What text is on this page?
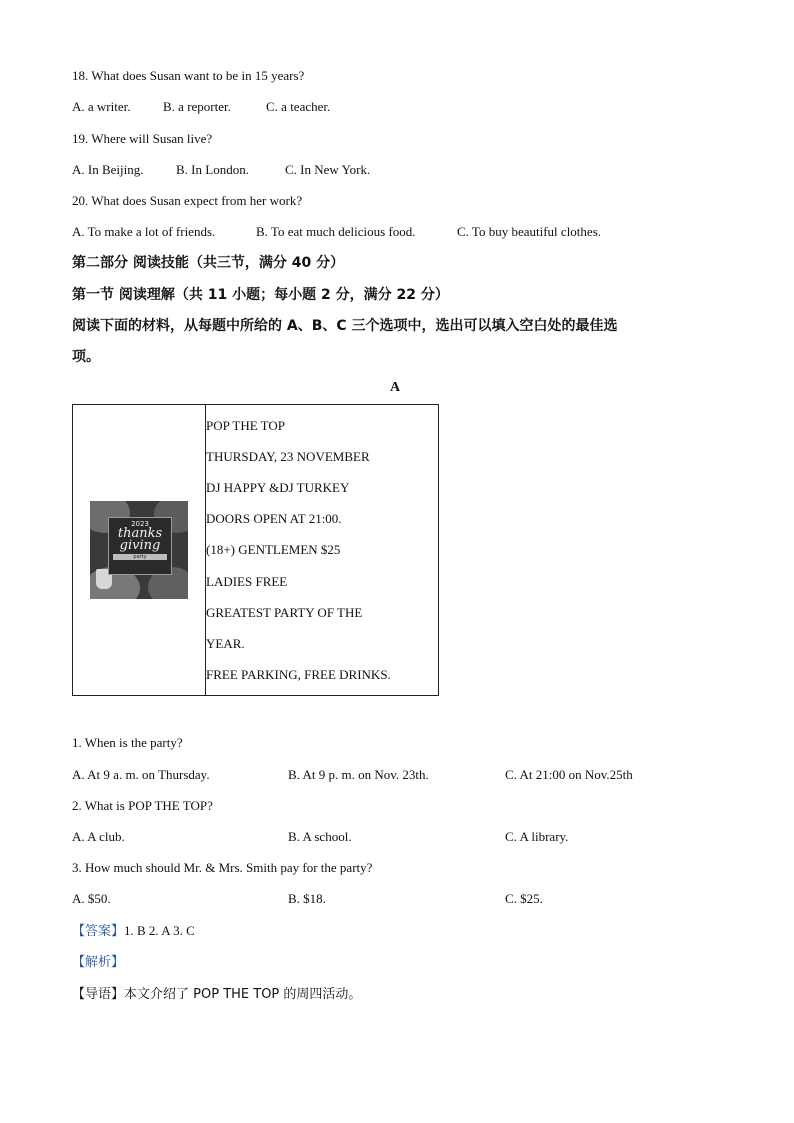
18. What does Susan want to be in 15 years?
A. a writer.	B. a reporter.	C. a teacher.
19. Where will Susan live?
A. In Beijing.	B. In London.	C. In New York.
20. What does Susan expect from her work?
A. To make a lot of friends.	B. To eat much delicious food.	C. To buy beautiful clothes.
第二部分 阅读技能（共三节，满分 40 分）
第一节 阅读理解（共 11 小题；每小题 2 分，满分 22 分）
阅读下面的材料，从每题中所给的 A、B、C 三个选项中，选出可以填入空白处的最佳选
项。
A
2023
thanks
giving
party

POP THE TOP
THURSDAY, 23 NOVEMBER
DJ HAPPY &DJ TURKEY
DOORS OPEN AT 21:00.
(18+) GENTLEMEN $25
LADIES FREE
GREATEST PARTY OF THE
YEAR.
FREE PARKING, FREE DRINKS.
1. When is the party?
A. At 9 a. m. on Thursday.	B. At 9 p. m. on Nov. 23th.	C. At 21:00 on Nov.25th
2. What is POP THE TOP?
A. A club.	B. A school.	C. A library.
3. How much should Mr. & Mrs. Smith pay for the party?
A. $50.	B. $18.	C. $25.
【答案】1. B 2. A 3. C
【解析】
【导语】本文介绍了 POP THE TOP 的周四活动。
